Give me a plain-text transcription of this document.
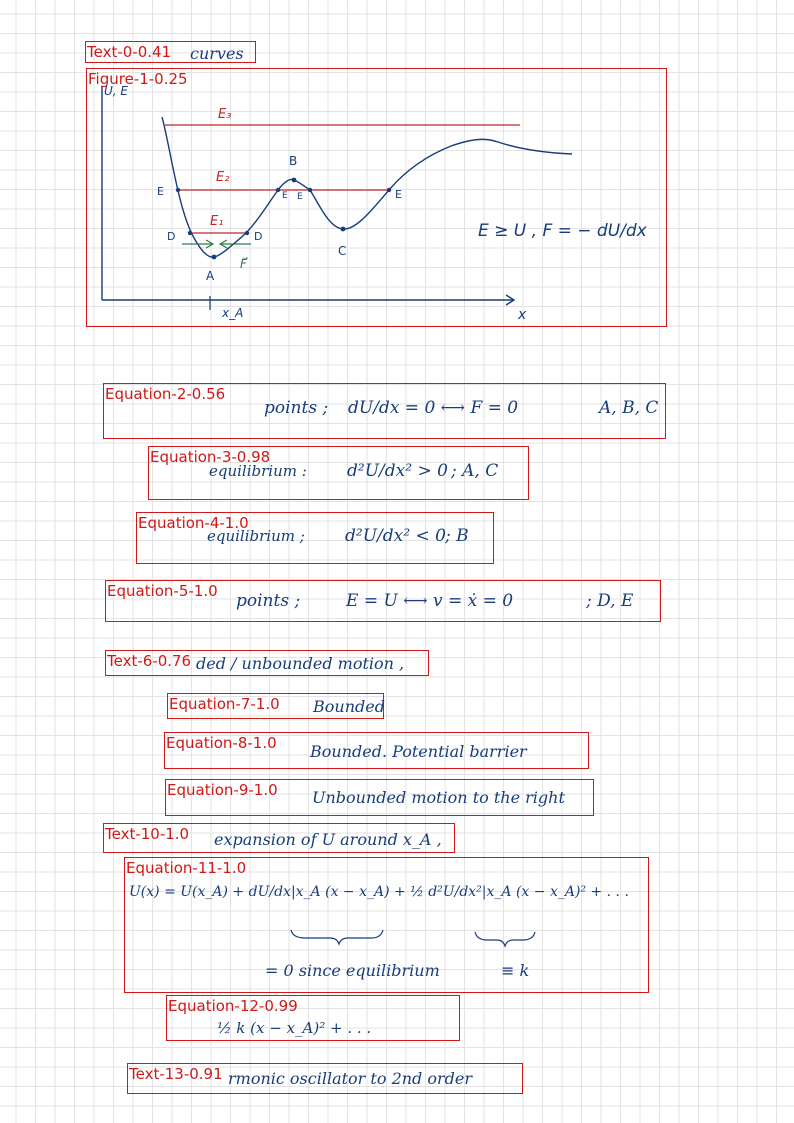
Text-0-0.41 curves
Figure-1-0.25
U, E
x
x_A
E₃
E₂
E₁
E	E E	E
D	D
A
B
C
F⃗
E ≥ U , F = − dU/dx
Equation-2-0.56
points ; dU/dx = 0 ⟷ F = 0	A, B, C
Equation-3-0.98
equilibrium : d²U/dx² > 0 ; A, C
Equation-4-1.0
equilibrium ; d²U/dx² < 0 ; B
Equation-5-1.0 points ;	E = U ⟷ v = ẋ = 0	; D, E
Text-6-0.76 ded / unbounded motion ,
Equation-7-1.0 Bounded
Equation-8-1.0 Bounded. Potential barrier
Equation-9-1.0 Unbounded motion to the right
Text-10-1.0 expansion of U around x_A ,
Equation-11-1.0
U(x) = U(x_A) + dU/dx|x_A (x − x_A) + ½ d²U/dx²|x_A (x − x_A)² + . . .
= 0 since equilibrium	≡ k
Equation-12-0.99
½ k (x − x_A)² + . . .
Text-13-0.91 rmonic oscillator to 2nd order
